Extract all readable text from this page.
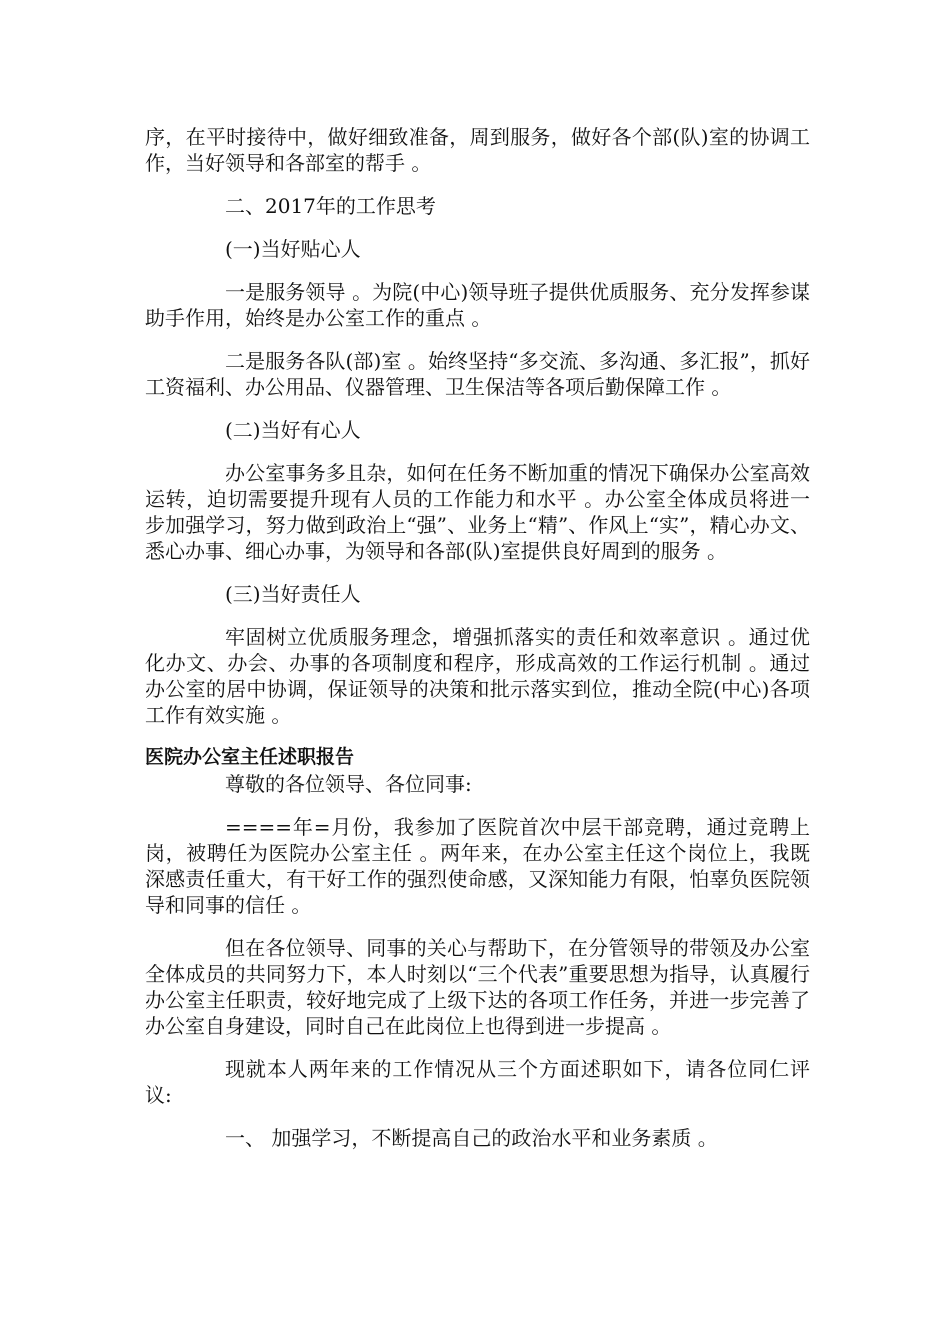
序，在平时接待中，做好细致准备，周到服务，做好各个部(队)室的协调工作，当好领导和各部室的帮手 。

二、2017年的工作思考

(一)当好贴心人

一是服务领导 。为院(中心)领导班子提供优质服务、充分发挥参谋助手作用，始终是办公室工作的重点 。

二是服务各队(部)室 。始终坚持“多交流、多沟通、多汇报”，抓好工资福利、办公用品、仪器管理、卫生保洁等各项后勤保障工作 。

(二)当好有心人

办公室事务多且杂，如何在任务不断加重的情况下确保办公室高效运转，迫切需要提升现有人员的工作能力和水平 。办公室全体成员将进一步加强学习，努力做到政治上“强”、业务上“精”、作风上“实”，精心办文、悉心办事、细心办事，为领导和各部(队)室提供良好周到的服务 。

(三)当好责任人

牢固树立优质服务理念，增强抓落实的责任和效率意识 。通过优化办文、办会、办事的各项制度和程序，形成高效的工作运行机制 。通过办公室的居中协调，保证领导的决策和批示落实到位，推动全院(中心)各项工作有效实施 。

医院办公室主任述职报告

尊敬的各位领导、各位同事:

====年=月份，我参加了医院首次中层干部竞聘，通过竞聘上岗，被聘任为医院办公室主任 。两年来，在办公室主任这个岗位上，我既深感责任重大，有干好工作的强烈使命感，又深知能力有限，怕辜负医院领导和同事的信任 。

但在各位领导、同事的关心与帮助下，在分管领导的带领及办公室全体成员的共同努力下，本人时刻以“三个代表”重要思想为指导，认真履行办公室主任职责，较好地完成了上级下达的各项工作任务，并进一步完善了办公室自身建设，同时自己在此岗位上也得到进一步提高 。

现就本人两年来的工作情况从三个方面述职如下，请各位同仁评议:

一、 加强学习，不断提高自己的政治水平和业务素质 。
